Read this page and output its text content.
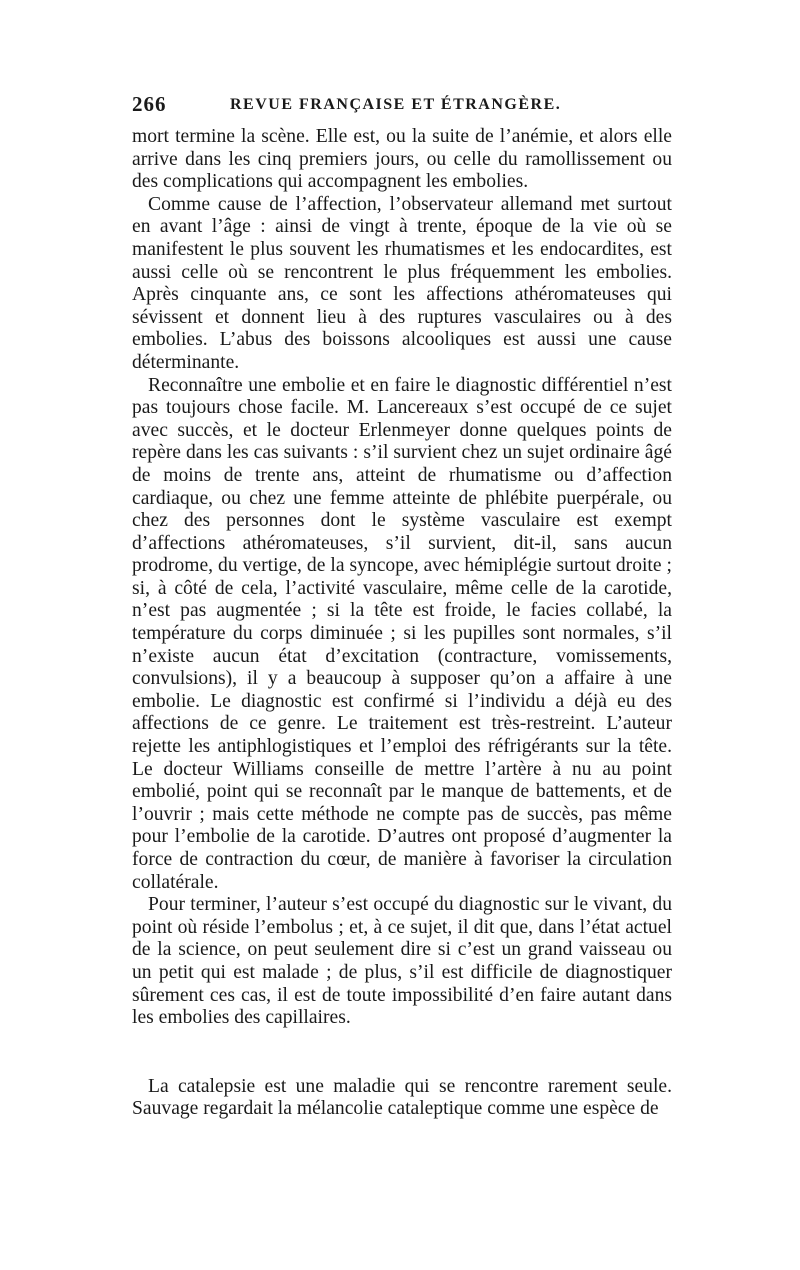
266	REVUE FRANÇAISE ET ÉTRANGÈRE.

mort termine la scène. Elle est, ou la suite de l’anémie, et alors elle arrive dans les cinq premiers jours, ou celle du ramollissement ou des complications qui accompagnent les embolies.

Comme cause de l’affection, l’observateur allemand met surtout en avant l’âge : ainsi de vingt à trente, époque de la vie où se manifestent le plus souvent les rhumatismes et les endocardites, est aussi celle où se rencontrent le plus fréquemment les embolies. Après cinquante ans, ce sont les affections athéromateuses qui sévissent et donnent lieu à des ruptures vasculaires ou à des embolies. L’abus des boissons alcooliques est aussi une cause déterminante.

Reconnaître une embolie et en faire le diagnostic différentiel n’est pas toujours chose facile. M. Lancereaux s’est occupé de ce sujet avec succès, et le docteur Erlenmeyer donne quelques points de repère dans les cas suivants : s’il survient chez un sujet ordinaire âgé de moins de trente ans, atteint de rhumatisme ou d’affection cardiaque, ou chez une femme atteinte de phlébite puerpérale, ou chez des personnes dont le système vasculaire est exempt d’affections athéromateuses, s’il survient, dit-il, sans aucun prodrome, du vertige, de la syncope, avec hémiplégie surtout droite ; si, à côté de cela, l’activité vasculaire, même celle de la carotide, n’est pas augmentée ; si la tête est froide, le facies collabé, la température du corps diminuée ; si les pupilles sont normales, s’il n’existe aucun état d’excitation (contracture, vomissements, convulsions), il y a beaucoup à supposer qu’on a affaire à une embolie. Le diagnostic est confirmé si l’individu a déjà eu des affections de ce genre. Le traitement est très-restreint. L’auteur rejette les antiphlogistiques et l’emploi des réfrigérants sur la tête. Le docteur Williams conseille de mettre l’artère à nu au point embolié, point qui se reconnaît par le manque de battements, et de l’ouvrir ; mais cette méthode ne compte pas de succès, pas même pour l’embolie de la carotide. D’autres ont proposé d’augmenter la force de contraction du cœur, de manière à favoriser la circulation collatérale.

Pour terminer, l’auteur s’est occupé du diagnostic sur le vivant, du point où réside l’embolus ; et, à ce sujet, il dit que, dans l’état actuel de la science, on peut seulement dire si c’est un grand vaisseau ou un petit qui est malade ; de plus, s’il est difficile de diagnostiquer sûrement ces cas, il est de toute impossibilité d’en faire autant dans les embolies des capillaires.

La catalepsie est une maladie qui se rencontre rarement seule. Sauvage regardait la mélancolie cataleptique comme une espèce de
